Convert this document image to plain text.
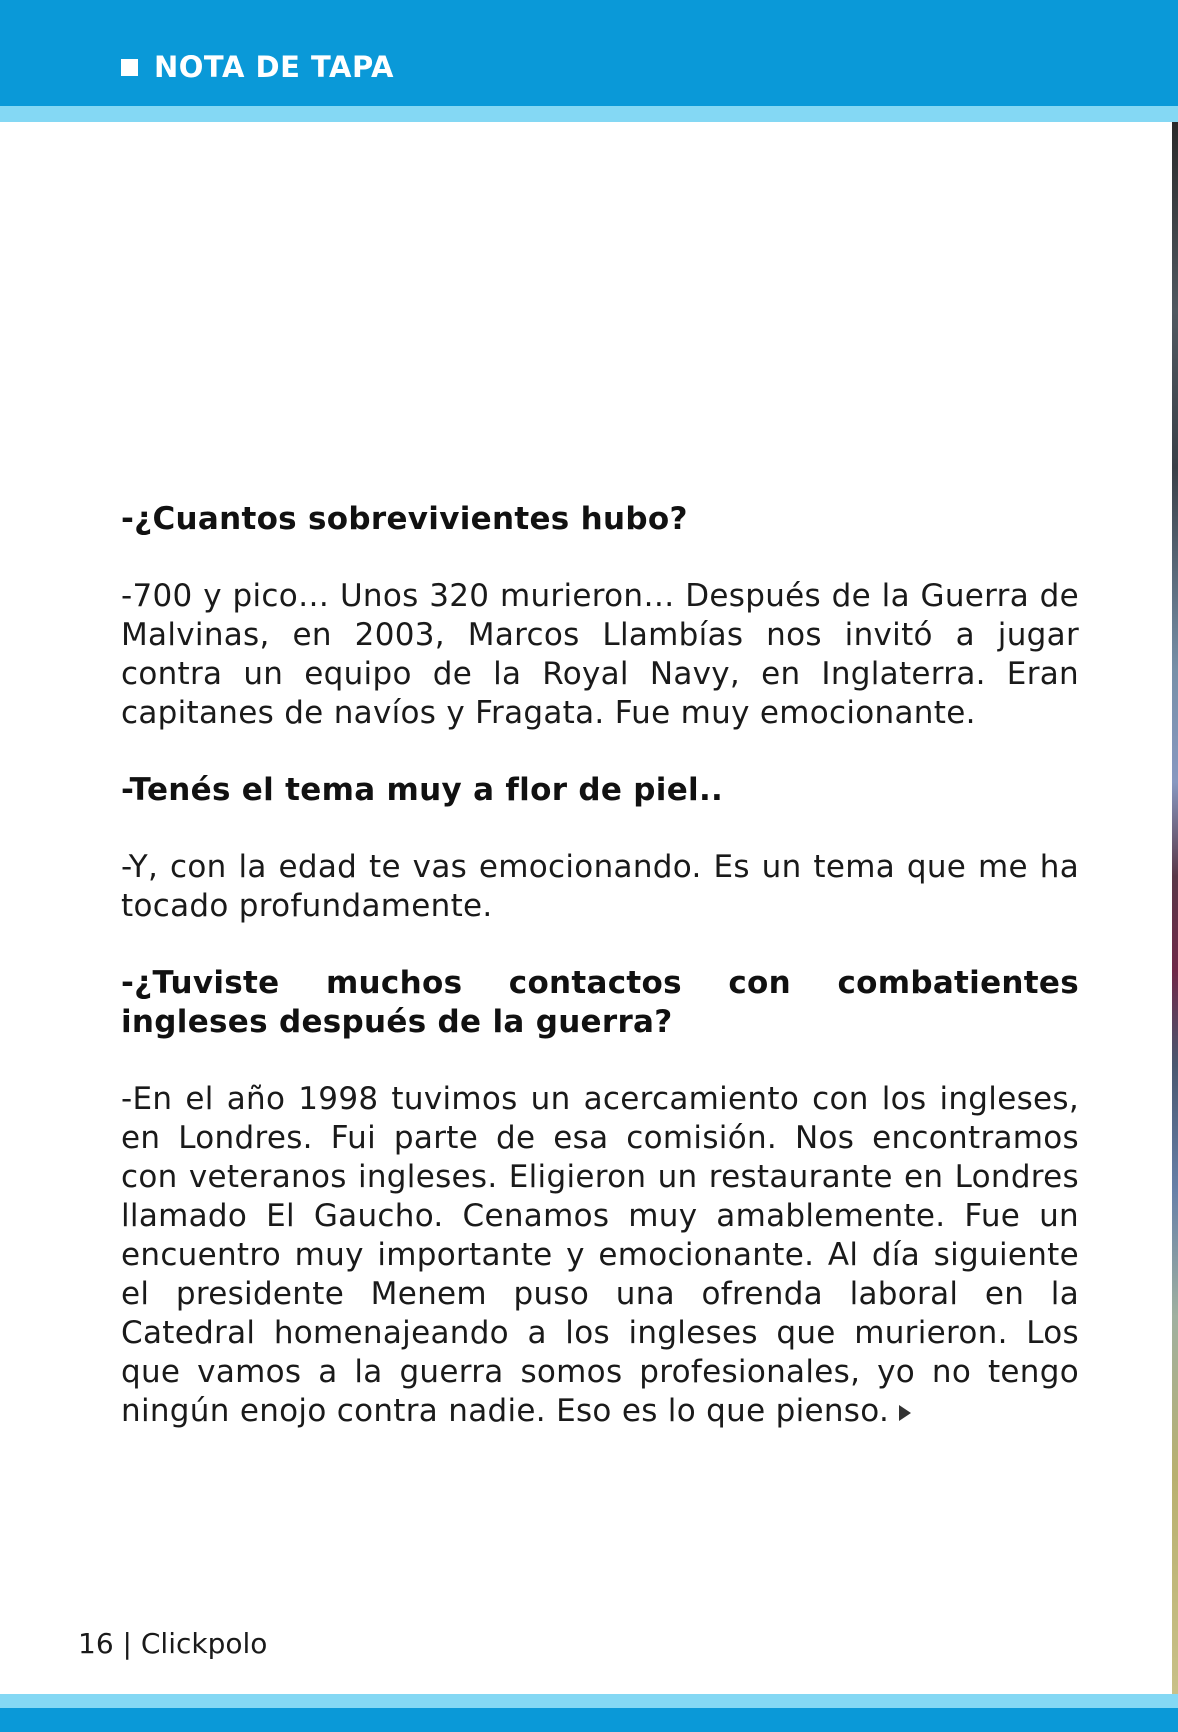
NOTA DE TAPA

-¿Cuantos sobrevivientes hubo?

-700 y pico… Unos 320 murieron… Después de la Guerra de Malvinas, en 2003, Marcos Llambías nos invitó a jugar contra un equipo de la Royal Navy, en Inglaterra. Eran capitanes de navíos y Fragata. Fue muy emocionante.

-Tenés el tema muy a flor de piel..

-Y, con la edad te vas emocionando. Es un tema que me ha tocado profundamente.

-¿Tuviste muchos contactos con combatientes ingleses después de la guerra?

-En el año 1998 tuvimos un acercamiento con los ingleses, en Londres. Fui parte de esa comisión. Nos encontramos con veteranos ingleses. Eligieron un restaurante en Londres llamado El Gaucho. Cenamos muy amablemente. Fue un encuentro muy importante y emocionante. Al día siguiente el presidente Menem puso una ofrenda laboral en la Catedral homenajeando a los ingleses que murieron. Los que vamos a la guerra somos profesionales, yo no tengo ningún enojo contra nadie. Eso es lo que pienso.

16 | Clickpolo
